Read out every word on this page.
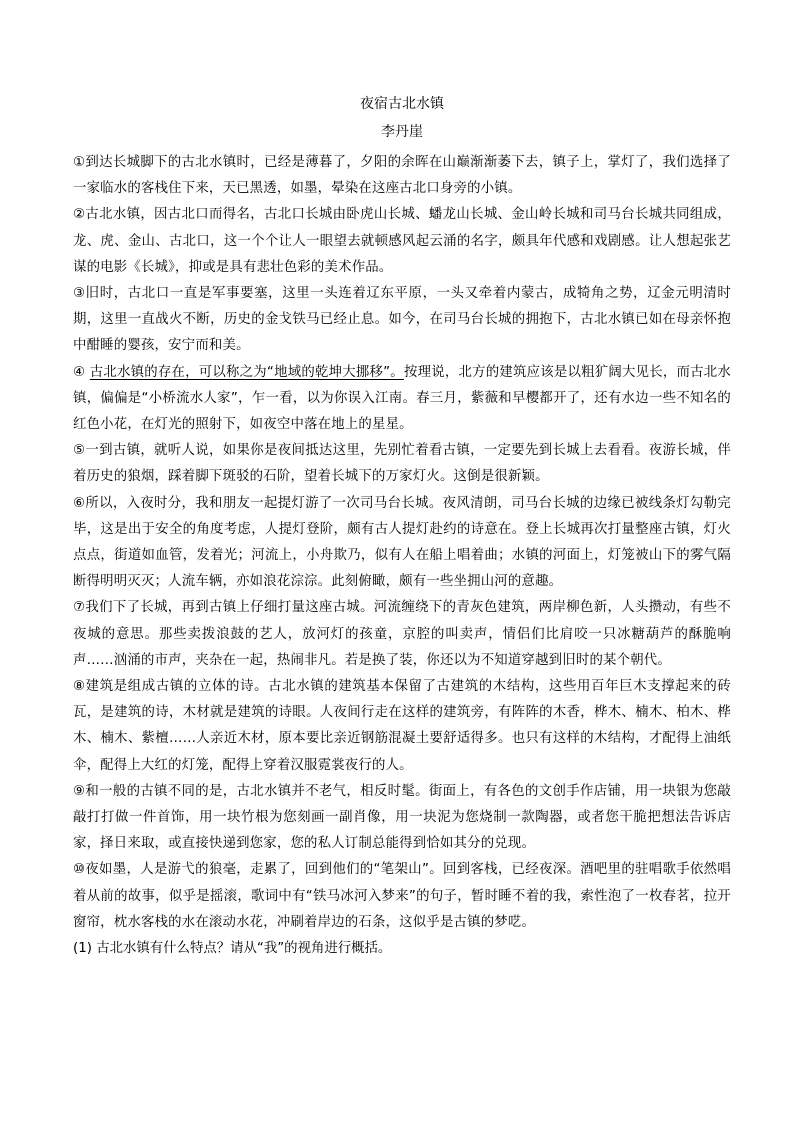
夜宿古北水镇
李丹崖

①到达长城脚下的古北水镇时，已经是薄暮了，夕阳的余晖在山巅渐渐萎下去，镇子上，掌灯了，我们选择了一家临水的客栈住下来，天已黑透，如墨，晕染在这座古北口身旁的小镇。

②古北水镇，因古北口而得名，古北口长城由卧虎山长城、蟠龙山长城、金山岭长城和司马台长城共同组成，龙、虎、金山、古北口，这一个个让人一眼望去就顿感风起云涌的名字，颇具年代感和戏剧感。让人想起张艺谋的电影《长城》，抑或是具有悲壮色彩的美术作品。

③旧时，古北口一直是军事要塞，这里一头连着辽东平原，一头又牵着内蒙古，成犄角之势，辽金元明清时期，这里一直战火不断，历史的金戈铁马已经止息。如今，在司马台长城的拥抱下，古北水镇已如在母亲怀抱中酣睡的婴孩，安宁而和美。

④ 古北水镇的存在，可以称之为“地域的乾坤大挪移”。按理说，北方的建筑应该是以粗犷阔大见长，而古北水镇，偏偏是“小桥流水人家”，乍一看，以为你误入江南。春三月，紫薇和早樱都开了，还有水边一些不知名的红色小花，在灯光的照射下，如夜空中落在地上的星星。

⑤一到古镇，就听人说，如果你是夜间抵达这里，先别忙着看古镇，一定要先到长城上去看看。夜游长城，伴着历史的狼烟，踩着脚下斑驳的石阶，望着长城下的万家灯火。这倒是很新颖。

⑥所以，入夜时分，我和朋友一起提灯游了一次司马台长城。夜风清朗，司马台长城的边缘已被线条灯勾勒完毕，这是出于安全的角度考虑，人提灯登阶，颇有古人提灯赴约的诗意在。登上长城再次打量整座古镇，灯火点点，街道如血管，发着光；河流上，小舟欺乃，似有人在船上唱着曲；水镇的河面上，灯笼被山下的雾气隔断得明明灭灭；人流车辆，亦如浪花淙淙。此刻俯瞰，颇有一些坐拥山河的意趣。

⑦我们下了长城，再到古镇上仔细打量这座古城。河流缠绕下的青灰色建筑，两岸柳色新，人头攒动，有些不夜城的意思。那些卖拨浪鼓的艺人，放河灯的孩童，京腔的叫卖声，情侣们比肩咬一只冰糖葫芦的酥脆响声……汹涌的市声，夹杂在一起，热闹非凡。若是换了装，你还以为不知道穿越到旧时的某个朝代。

⑧建筑是组成古镇的立体的诗。古北水镇的建筑基本保留了古建筑的木结构，这些用百年巨木支撑起来的砖瓦，是建筑的诗，木材就是建筑的诗眼。人夜间行走在这样的建筑旁，有阵阵的木香，桦木、楠木、柏木、桦木、楠木、紫檀……人亲近木材，原本要比亲近钢筋混凝土要舒适得多。也只有这样的木结构，才配得上油纸伞，配得上大红的灯笼，配得上穿着汉服霓裳夜行的人。

⑨和一般的古镇不同的是，古北水镇并不老气，相反时髦。街面上，有各色的文创手作店铺，用一块银为您敲敲打打做一件首饰，用一块竹根为您刻画一副肖像，用一块泥为您烧制一款陶器，或者您干脆把想法告诉店家，择日来取，或直接快递到您家，您的私人订制总能得到恰如其分的兑现。

⑩夜如墨，人是游弋的狼毫，走累了，回到他们的“笔架山”。回到客栈，已经夜深。酒吧里的驻唱歌手依然唱着从前的故事，似乎是摇滚，歌词中有“铁马冰河入梦来”的句子，暂时睡不着的我，索性泡了一枚春茗，拉开窗帘，枕水客栈的水在滚动水花，冲刷着岸边的石条，这似乎是古镇的梦呓。

(1) 古北水镇有什么特点？请从“我”的视角进行概括。
